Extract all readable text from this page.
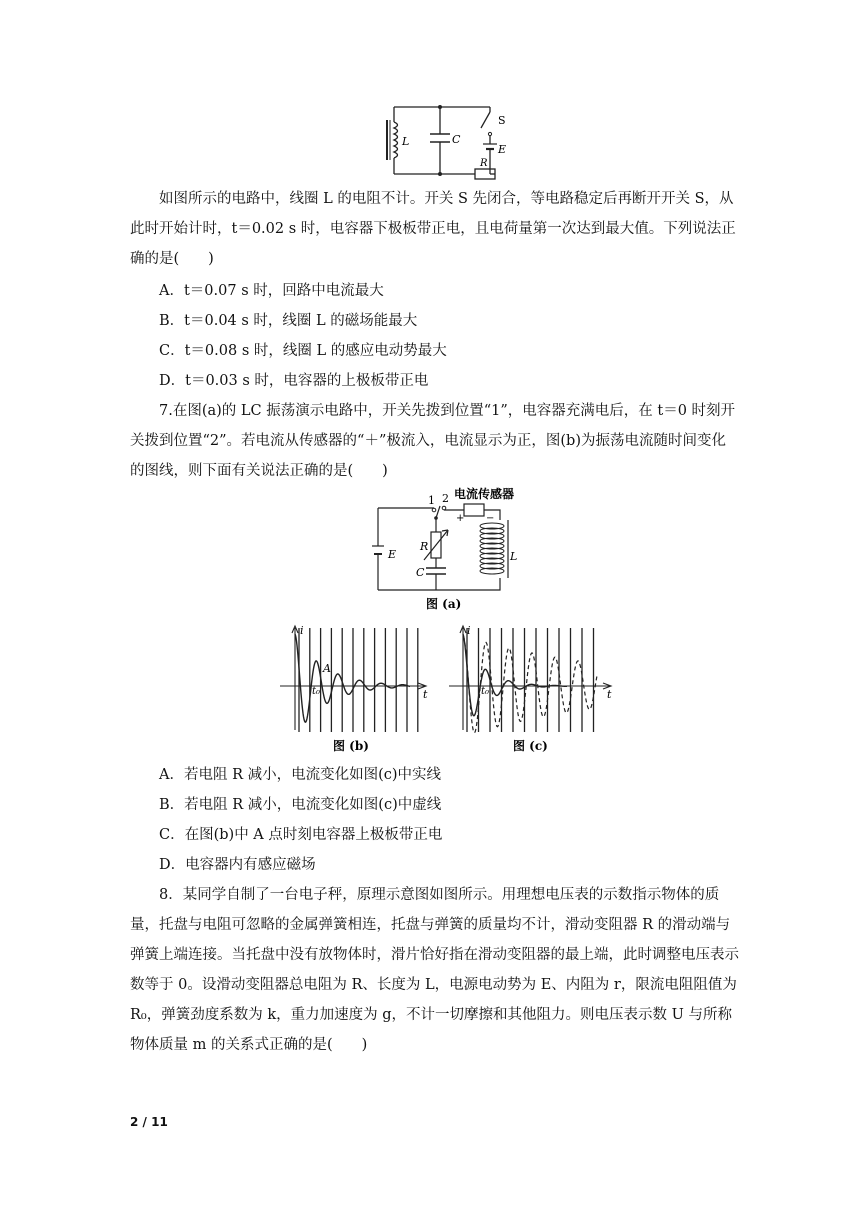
L	C
S
E
R
如图所示的电路中，线圈 L 的电阻不计。开关 S 先闭合，等电路稳定后再断开开关 S，从此时开始计时，t＝0.02 s 时，电容器下极板带正电，且电荷量第一次达到最大值。下列说法正确的是(　　)
A．t＝0.07 s 时，回路中电流最大
B．t＝0.04 s 时，线圈 L 的磁场能最大
C．t＝0.08 s 时，线圈 L 的感应电动势最大
D．t＝0.03 s 时，电容器的上极板带正电
7.在图(a)的 LC 振荡演示电路中，开关先拨到位置“1”，电容器充满电后，在 t＝0 时刻开关拨到位置“2”。若电流从传感器的“＋”极流入，电流显示为正，图(b)为振荡电流随时间变化的图线，则下面有关说法正确的是(　　)
1 2 电流传感器
+ −
R
C
E	L
图 (a)
i
t
A
t₀
图 (b)
i
t
t₀
图 (c)
A．若电阻 R 减小，电流变化如图(c)中实线
B．若电阻 R 减小，电流变化如图(c)中虚线
C．在图(b)中 A 点时刻电容器上极板带正电
D．电容器内有感应磁场
8．某同学自制了一台电子秤，原理示意图如图所示。用理想电压表的示数指示物体的质量，托盘与电阻可忽略的金属弹簧相连，托盘与弹簧的质量均不计，滑动变阻器 R 的滑动端与弹簧上端连接。当托盘中没有放物体时，滑片恰好指在滑动变阻器的最上端，此时调整电压表示数等于 0。设滑动变阻器总电阻为 R、长度为 L，电源电动势为 E、内阻为 r，限流电阻阻值为 R₀，弹簧劲度系数为 k，重力加速度为 g，不计一切摩擦和其他阻力。则电压表示数 U 与所称物体质量 m 的关系式正确的是(　　)
2 / 11
